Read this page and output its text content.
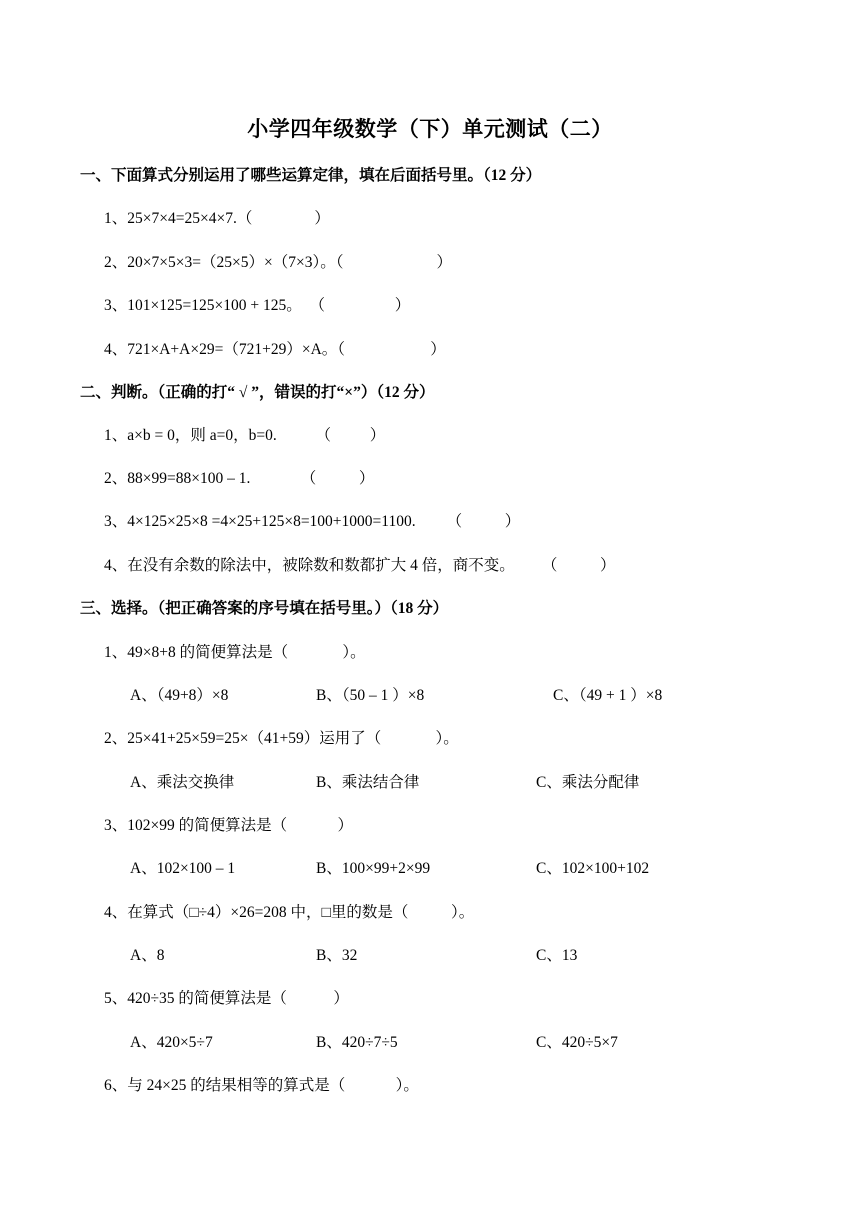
小学四年级数学（下）单元测试（二）
一、下面算式分别运用了哪些运算定律，填在后面括号里。（12 分）
1、25×7×4=25×4×7.（                ）
2、20×7×5×3=（25×5）×（7×3）。（                        ）
3、101×125=125×100 + 125。  （                  ）
4、721×A+A×29=（721+29）×A。（                      ）
二、判断。（正确的打“ √ ”，错误的打“×”）（12 分）
1、a×b = 0，则 a=0，b=0.          （          ）
2、88×99=88×100 – 1.             （           ）
3、4×125×25×8 =4×25+125×8=100+1000=1100.        （           ）
4、在没有余数的除法中，被除数和数都扩大 4 倍，商不变。       （           ）
三、选择。（把正确答案的序号填在括号里。）（18 分）
1、49×8+8 的简便算法是（              ）。
A、（49+8）×8	B、（50 – 1 ）×8	C、（49 + 1 ）×8
2、25×41+25×59=25×（41+59）运用了（              ）。
A、乘法交换律	B、乘法结合律	C、乘法分配律
3、102×99 的简便算法是（             ）
A、102×100 – 1	B、100×99+2×99	C、102×100+102
4、在算式（□÷4）×26=208 中，□里的数是（           ）。
A、8	B、32	C、13
5、420÷35 的简便算法是（            ）
A、420×5÷7	B、420÷7÷5	C、420÷5×7
6、与 24×25 的结果相等的算式是（             ）。
